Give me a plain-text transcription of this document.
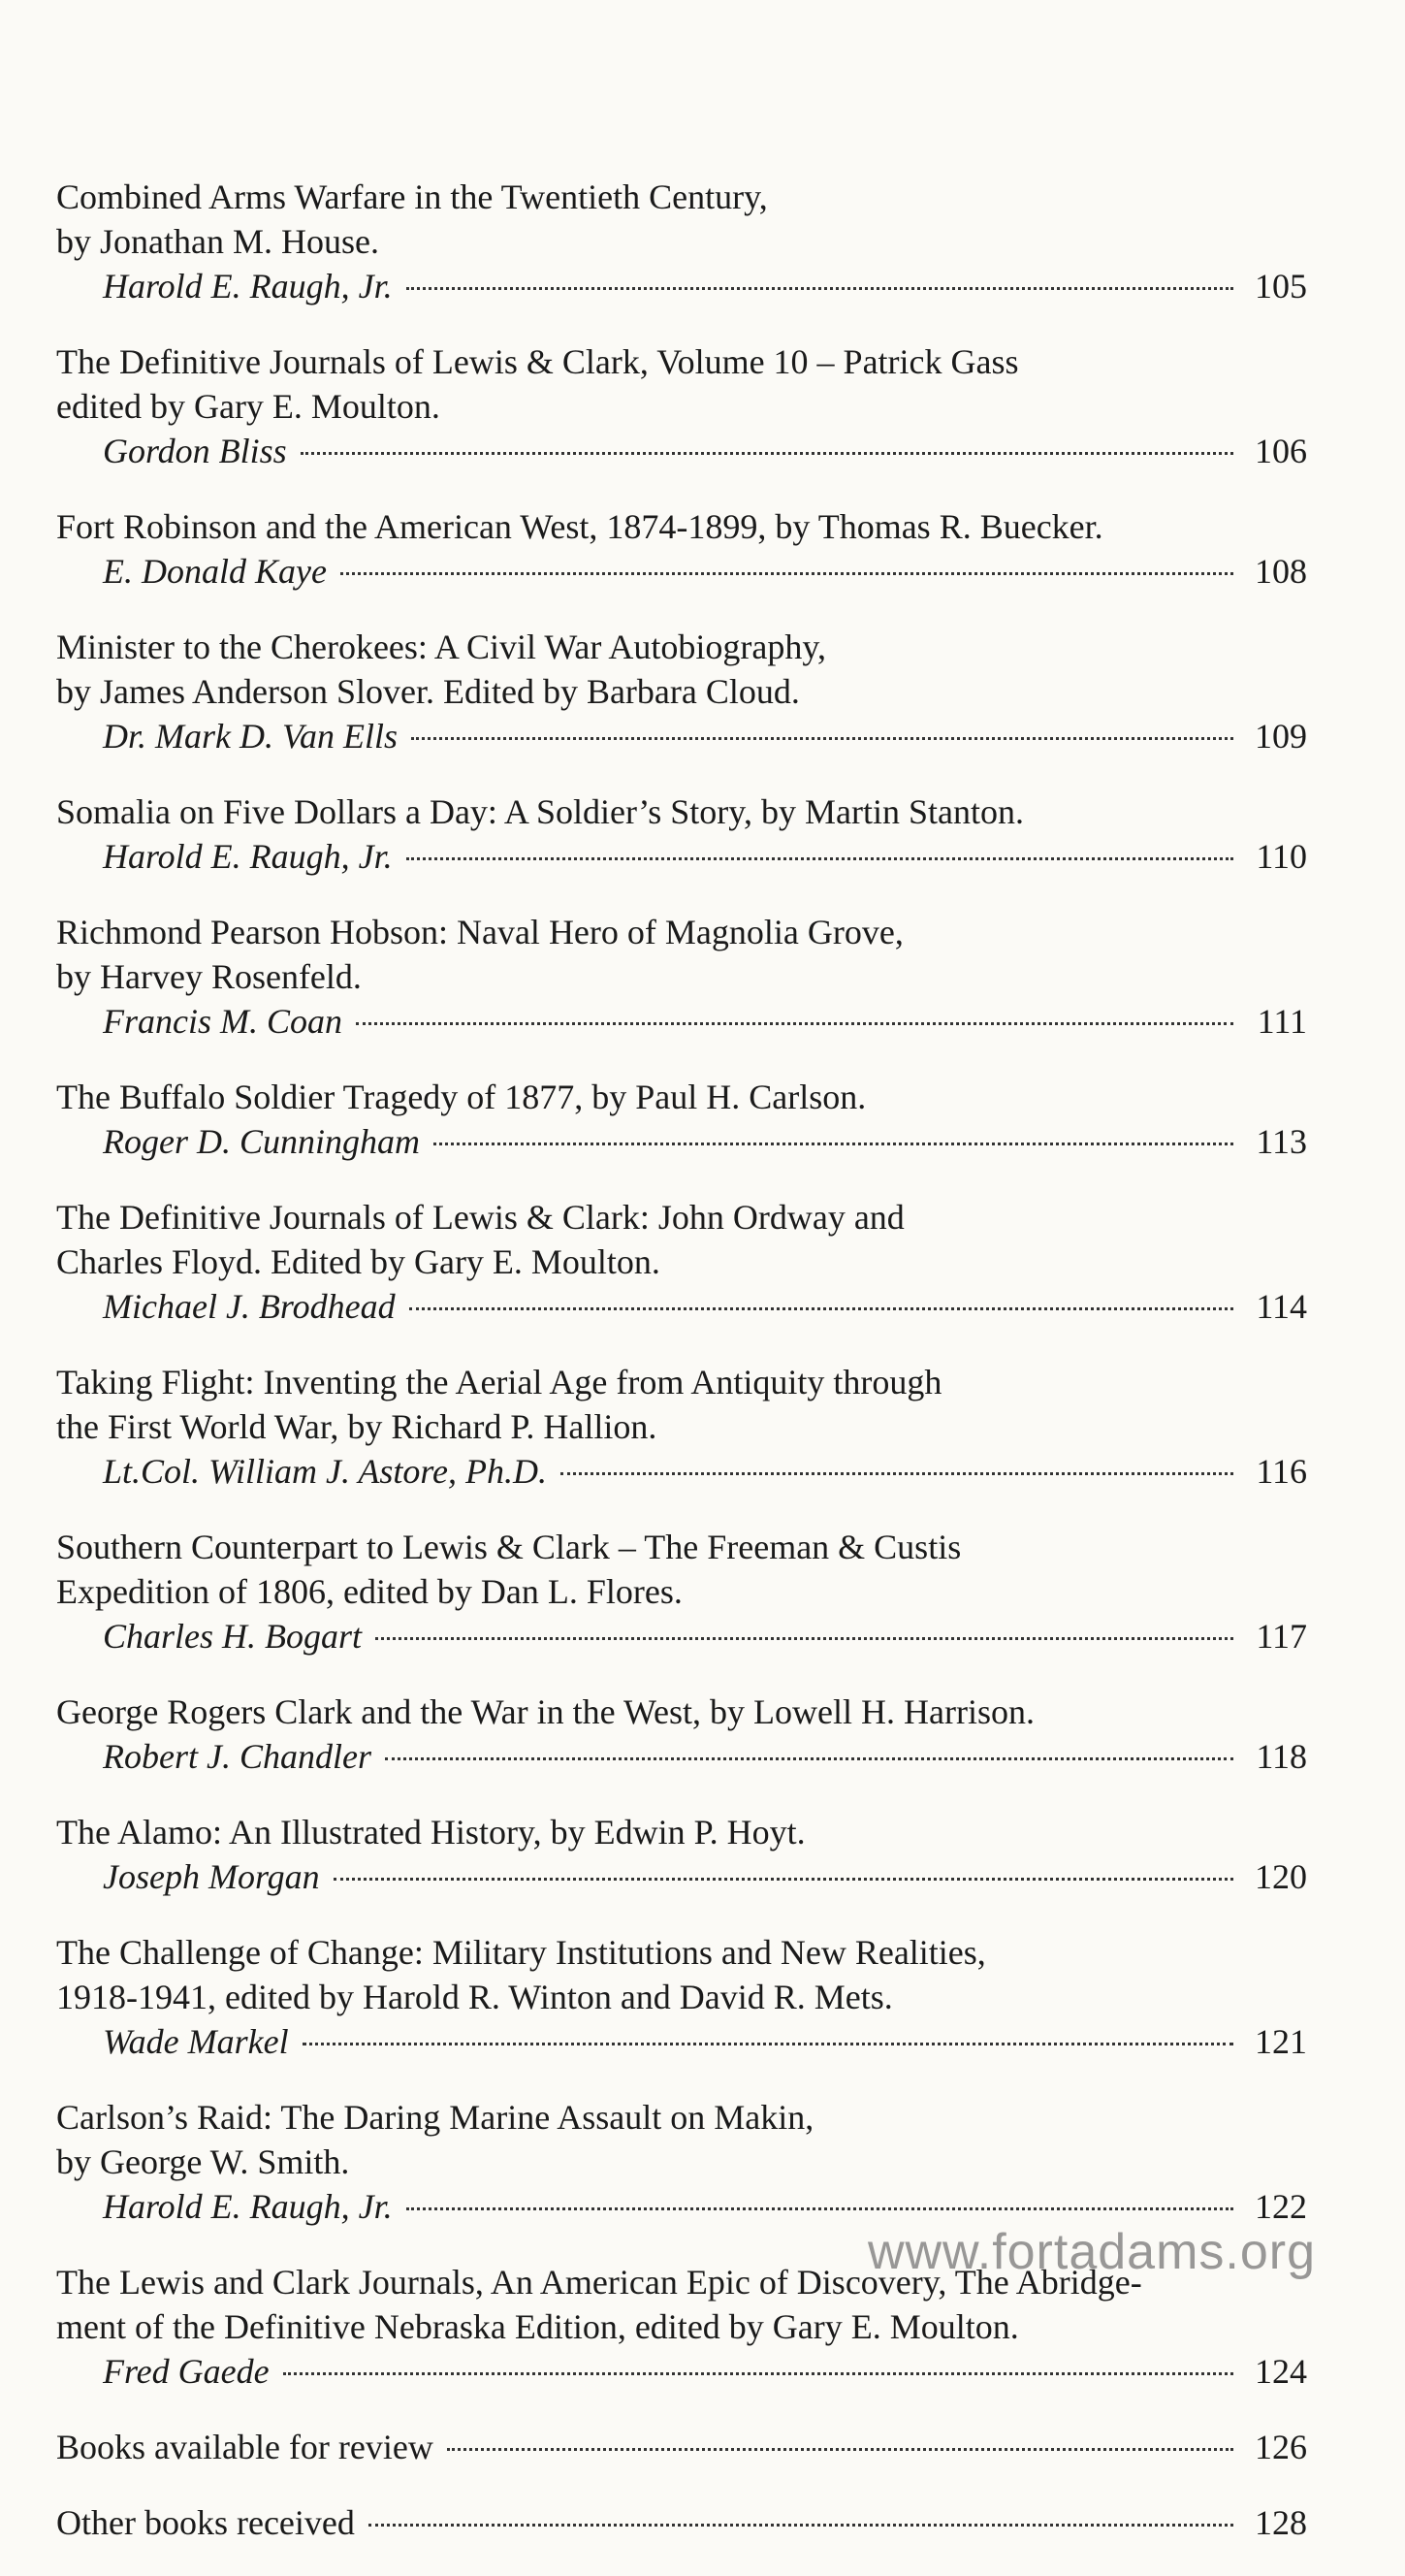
Combined Arms Warfare in the Twentieth Century,
by Jonathan M. House.
Harold E. Raugh, Jr.	105
The Definitive Journals of Lewis & Clark, Volume 10 – Patrick Gass
edited by Gary E. Moulton.
Gordon Bliss	106
Fort Robinson and the American West, 1874-1899, by Thomas R. Buecker.
E. Donald Kaye	108
Minister to the Cherokees: A Civil War Autobiography,
by James Anderson Slover. Edited by Barbara Cloud.
Dr. Mark D. Van Ells	109
Somalia on Five Dollars a Day: A Soldier’s Story, by Martin Stanton.
Harold E. Raugh, Jr.	110
Richmond Pearson Hobson: Naval Hero of Magnolia Grove,
by Harvey Rosenfeld.
Francis M. Coan	111
The Buffalo Soldier Tragedy of 1877, by Paul H. Carlson.
Roger D. Cunningham	113
The Definitive Journals of Lewis & Clark: John Ordway and
Charles Floyd. Edited by Gary E. Moulton.
Michael J. Brodhead	114
Taking Flight: Inventing the Aerial Age from Antiquity through
the First World War, by Richard P. Hallion.
Lt.Col. William J. Astore, Ph.D.	116
Southern Counterpart to Lewis & Clark – The Freeman & Custis
Expedition of 1806, edited by Dan L. Flores.
Charles H. Bogart	117
George Rogers Clark and the War in the West, by Lowell H. Harrison.
Robert J. Chandler	118
The Alamo: An Illustrated History, by Edwin P. Hoyt.
Joseph Morgan	120
The Challenge of Change: Military Institutions and New Realities,
1918-1941, edited by Harold R. Winton and David R. Mets.
Wade Markel	121
Carlson’s Raid: The Daring Marine Assault on Makin,
by George W. Smith.
Harold E. Raugh, Jr.	122
The Lewis and Clark Journals, An American Epic of Discovery, The Abridge-
ment of the Definitive Nebraska Edition, edited by Gary E. Moulton.
Fred Gaede	124
Books available for review	126
Other books received	128
www.fortadams.org
